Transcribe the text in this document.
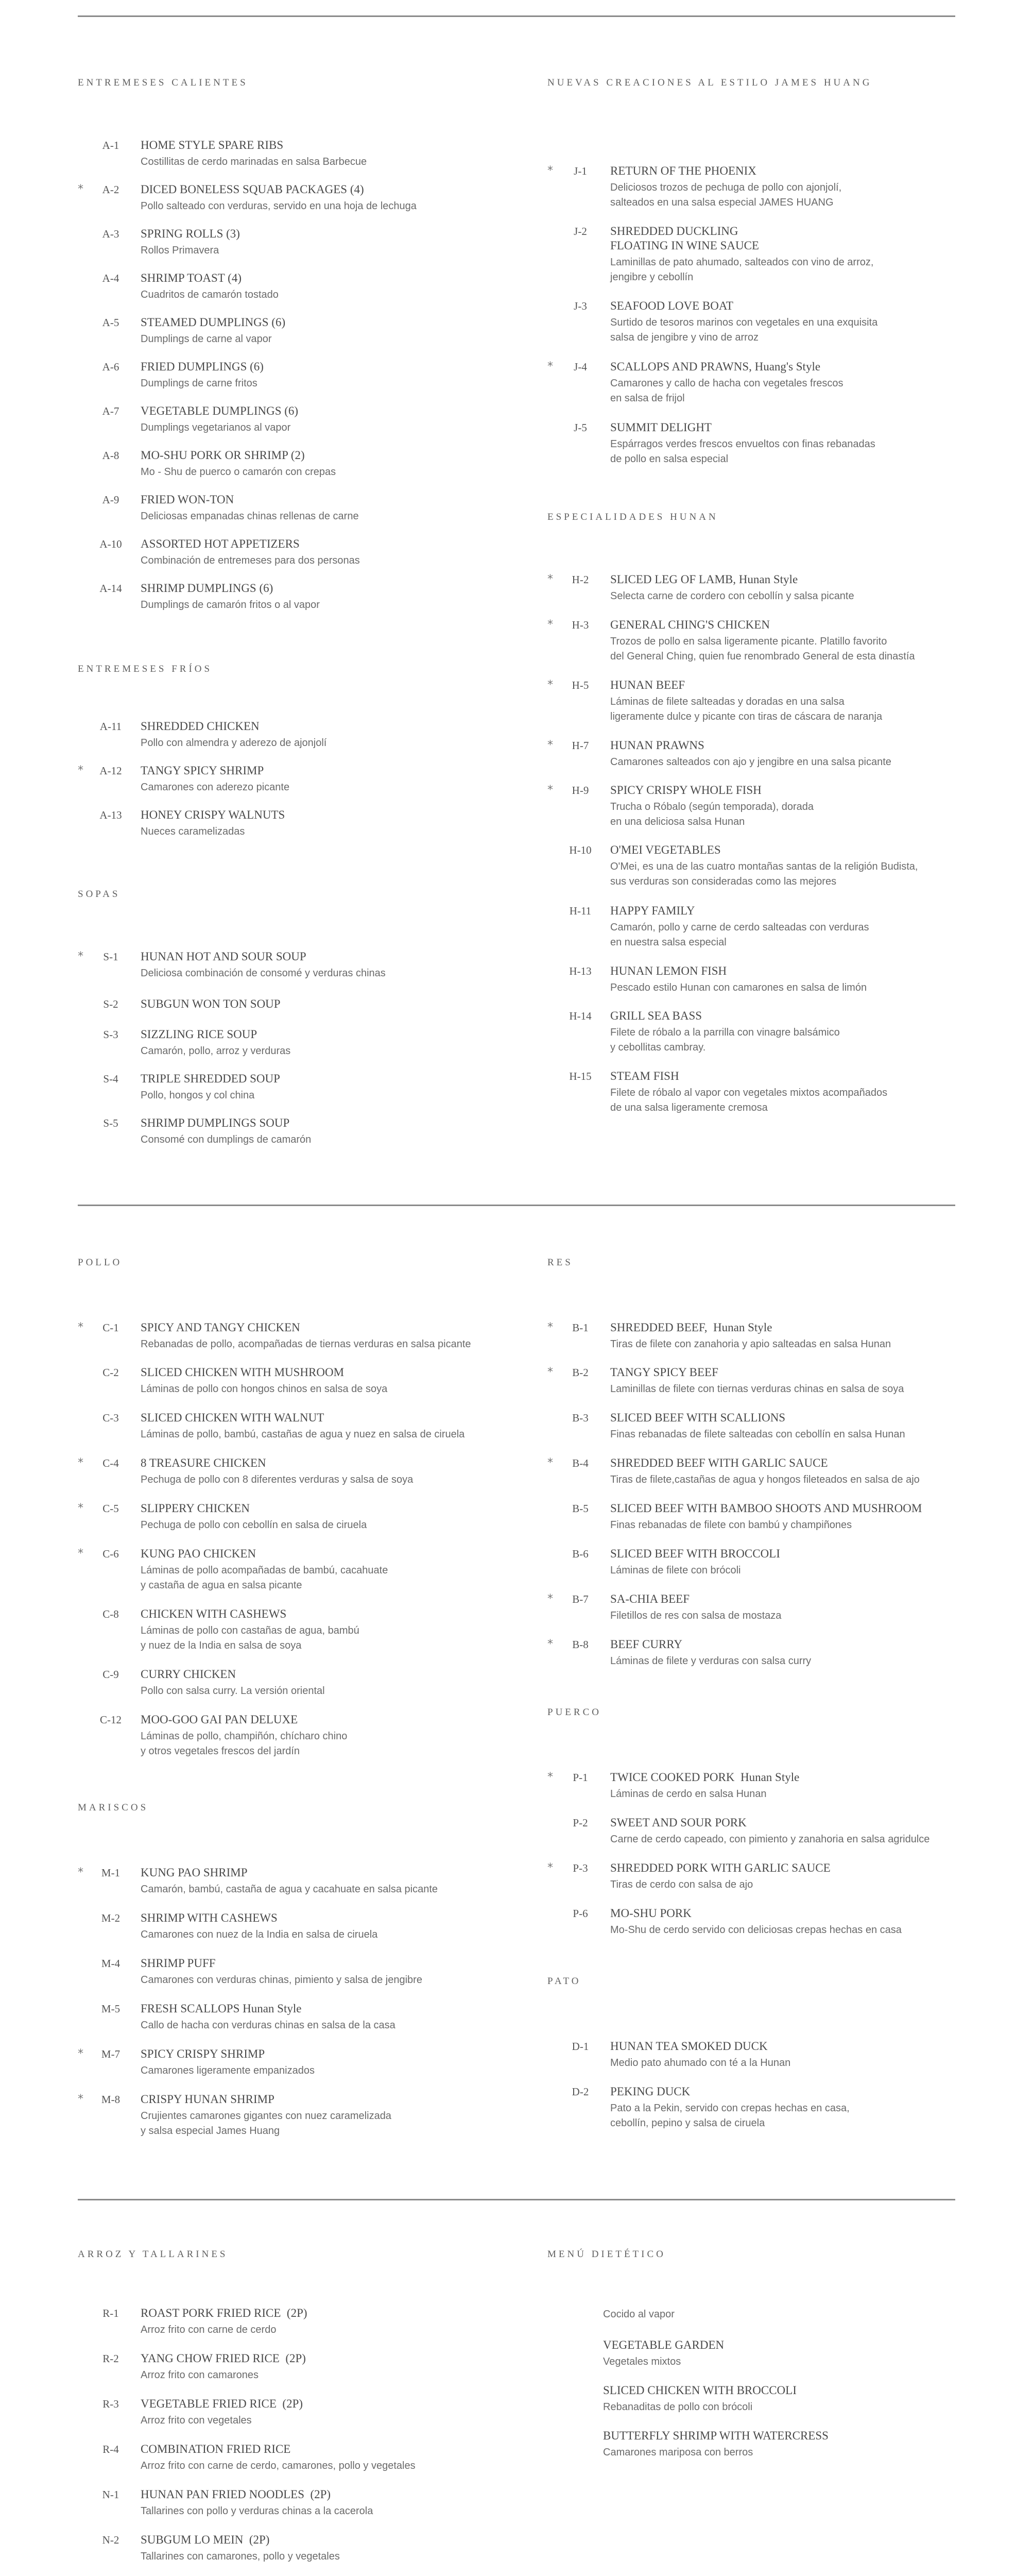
ENTREMESES CALIENTES
A-1	HOME STYLE SPARE RIBS
Costillitas de cerdo marinadas en salsa Barbecue
*	A-2	DICED BONELESS SQUAB PACKAGES (4)
Pollo salteado con verduras, servido en una hoja de lechuga
A-3	SPRING ROLLS (3)
Rollos Primavera
A-4	SHRIMP TOAST (4)
Cuadritos de camarón tostado
A-5	STEAMED DUMPLINGS (6)
Dumplings de carne al vapor
A-6	FRIED DUMPLINGS (6)
Dumplings de carne fritos
A-7	VEGETABLE DUMPLINGS (6)
Dumplings vegetarianos al vapor
A-8	MO-SHU PORK OR SHRIMP (2)
Mo - Shu de puerco o camarón con crepas
A-9	FRIED WON-TON
Deliciosas empanadas chinas rellenas de carne
A-10	ASSORTED HOT APPETIZERS
Combinación de entremeses para dos personas
A-14	SHRIMP DUMPLINGS (6)
Dumplings de camarón fritos o al vapor
ENTREMESES FRÍOS
A-11	SHREDDED CHICKEN
Pollo con almendra y aderezo de ajonjolí
*	A-12	TANGY SPICY SHRIMP
Camarones con aderezo picante
A-13	HONEY CRISPY WALNUTS
Nueces caramelizadas
SOPAS
*	S-1	HUNAN HOT AND SOUR SOUP
Deliciosa combinación de consomé y verduras chinas
S-2	SUBGUN WON TON SOUP
S-3	SIZZLING RICE SOUP
Camarón, pollo, arroz y verduras
S-4	TRIPLE SHREDDED SOUP
Pollo, hongos y col china
S-5	SHRIMP DUMPLINGS SOUP
Consomé con dumplings de camarón
NUEVAS CREACIONES AL ESTILO JAMES HUANG
*	J-1	RETURN OF THE PHOENIX
Deliciosos trozos de pechuga de pollo con ajonjolí,
salteados en una salsa especial JAMES HUANG
J-2	SHREDDED DUCKLING
FLOATING IN WINE SAUCE
Laminillas de pato ahumado, salteados con vino de arroz,
jengibre y cebollín
J-3	SEAFOOD LOVE BOAT
Surtido de tesoros marinos con vegetales en una exquisita
salsa de jengibre y vino de arroz
*	J-4	SCALLOPS AND PRAWNS, Huang's Style
Camarones y callo de hacha con vegetales frescos
en salsa de frijol
J-5	SUMMIT DELIGHT
Espárragos verdes frescos envueltos con finas rebanadas
de pollo en salsa especial
ESPECIALIDADES HUNAN
*	H-2	SLICED LEG OF LAMB, Hunan Style
Selecta carne de cordero con cebollín y salsa picante
*	H-3	GENERAL CHING'S CHICKEN
Trozos de pollo en salsa ligeramente picante. Platillo favorito
del General Ching, quien fue renombrado General de esta dinastía
*	H-5	HUNAN BEEF
Láminas de filete salteadas y doradas en una salsa
ligeramente dulce y picante con tiras de cáscara de naranja
*	H-7	HUNAN PRAWNS
Camarones salteados con ajo y jengibre en una salsa picante
*	H-9	SPICY CRISPY WHOLE FISH
Trucha o Róbalo (según temporada), dorada
en una deliciosa salsa Hunan
H-10	O'MEI VEGETABLES
O'Mei, es una de las cuatro montañas santas de la religión Budista,
sus verduras son consideradas como las mejores
H-11	HAPPY FAMILY
Camarón, pollo y carne de cerdo salteadas con verduras
en nuestra salsa especial
H-13	HUNAN LEMON FISH
Pescado estilo Hunan con camarones en salsa de limón
H-14	GRILL SEA BASS
Filete de róbalo a la parrilla con vinagre balsámico
y cebollitas cambray.
H-15	STEAM FISH
Filete de róbalo al vapor con vegetales mixtos acompañados
de una salsa ligeramente cremosa
POLLO
*	C-1	SPICY AND TANGY CHICKEN
Rebanadas de pollo, acompañadas de tiernas verduras en salsa picante
C-2	SLICED CHICKEN WITH MUSHROOM
Láminas de pollo con hongos chinos en salsa de soya
C-3	SLICED CHICKEN WITH WALNUT
Láminas de pollo, bambú, castañas de agua y nuez en salsa de ciruela
*	C-4	8 TREASURE CHICKEN
Pechuga de pollo con 8 diferentes verduras y salsa de soya
*	C-5	SLIPPERY CHICKEN
Pechuga de pollo con cebollín en salsa de ciruela
*	C-6	KUNG PAO CHICKEN
Láminas de pollo acompañadas de bambú, cacahuate
y castaña de agua en salsa picante
C-8	CHICKEN WITH CASHEWS
Láminas de pollo con castañas de agua, bambú
y nuez de la India en salsa de soya
C-9	CURRY CHICKEN
Pollo con salsa curry. La versión oriental
C-12	MOO-GOO GAI PAN DELUXE
Láminas de pollo, champiñón, chícharo chino
y otros vegetales frescos del jardín
MARISCOS
*	M-1	KUNG PAO SHRIMP
Camarón, bambú, castaña de agua y cacahuate en salsa picante
M-2	SHRIMP WITH CASHEWS
Camarones con nuez de la India en salsa de ciruela
M-4	SHRIMP PUFF
Camarones con verduras chinas, pimiento y salsa de jengibre
M-5	FRESH SCALLOPS Hunan Style
Callo de hacha con verduras chinas en salsa de la casa
*	M-7	SPICY CRISPY SHRIMP
Camarones ligeramente empanizados
*	M-8	CRISPY HUNAN SHRIMP
Crujientes camarones gigantes con nuez caramelizada
y salsa especial James Huang
RES
*	B-1	SHREDDED BEEF,  Hunan Style
Tiras de filete con zanahoria y apio salteadas en salsa Hunan
*	B-2	TANGY SPICY BEEF
Laminillas de filete con tiernas verduras chinas en salsa de soya
B-3	SLICED BEEF WITH SCALLIONS
Finas rebanadas de filete salteadas con cebollín en salsa Hunan
*	B-4	SHREDDED BEEF WITH GARLIC SAUCE
Tiras de filete,castañas de agua y hongos fileteados en salsa de ajo
B-5	SLICED BEEF WITH BAMBOO SHOOTS AND MUSHROOM
Finas rebanadas de filete con bambú y champiñones
B-6	SLICED BEEF WITH BROCCOLI
Láminas de filete con brócoli
*	B-7	SA-CHIA BEEF
Filetillos de res con salsa de mostaza
*	B-8	BEEF CURRY
Láminas de filete y verduras con salsa curry
PUERCO
*	P-1	TWICE COOKED PORK  Hunan Style
Láminas de cerdo en salsa Hunan
P-2	SWEET AND SOUR PORK
Carne de cerdo capeado, con pimiento y zanahoria en salsa agridulce
*	P-3	SHREDDED PORK WITH GARLIC SAUCE
Tiras de cerdo con salsa de ajo
P-6	MO-SHU PORK
Mo-Shu de cerdo servido con deliciosas crepas hechas en casa
PATO
D-1	HUNAN TEA SMOKED DUCK
Medio pato ahumado con té a la Hunan
D-2	PEKING DUCK
Pato a la Pekin, servido con crepas hechas en casa,
cebollín, pepino y salsa de ciruela
ARROZ Y TALLARINES
R-1	ROAST PORK FRIED RICE  (2P)
Arroz frito con carne de cerdo
R-2	YANG CHOW FRIED RICE  (2P)
Arroz frito con camarones
R-3	VEGETABLE FRIED RICE  (2P)
Arroz frito con vegetales
R-4	COMBINATION FRIED RICE
Arroz frito con carne de cerdo, camarones, pollo y vegetales
N-1	HUNAN PAN FRIED NOODLES  (2P)
Tallarines con pollo y verduras chinas a la cacerola
N-2	SUBGUM LO MEIN  (2P)
Tallarines con camarones, pollo y vegetales
MENÚ DIETÉTICO
Cocido al vapor
VEGETABLE GARDEN
Vegetales mixtos
SLICED CHICKEN WITH BROCCOLI
Rebanaditas de pollo con brócoli
BUTTERFLY SHRIMP WITH WATERCRESS
Camarones mariposa con berros
